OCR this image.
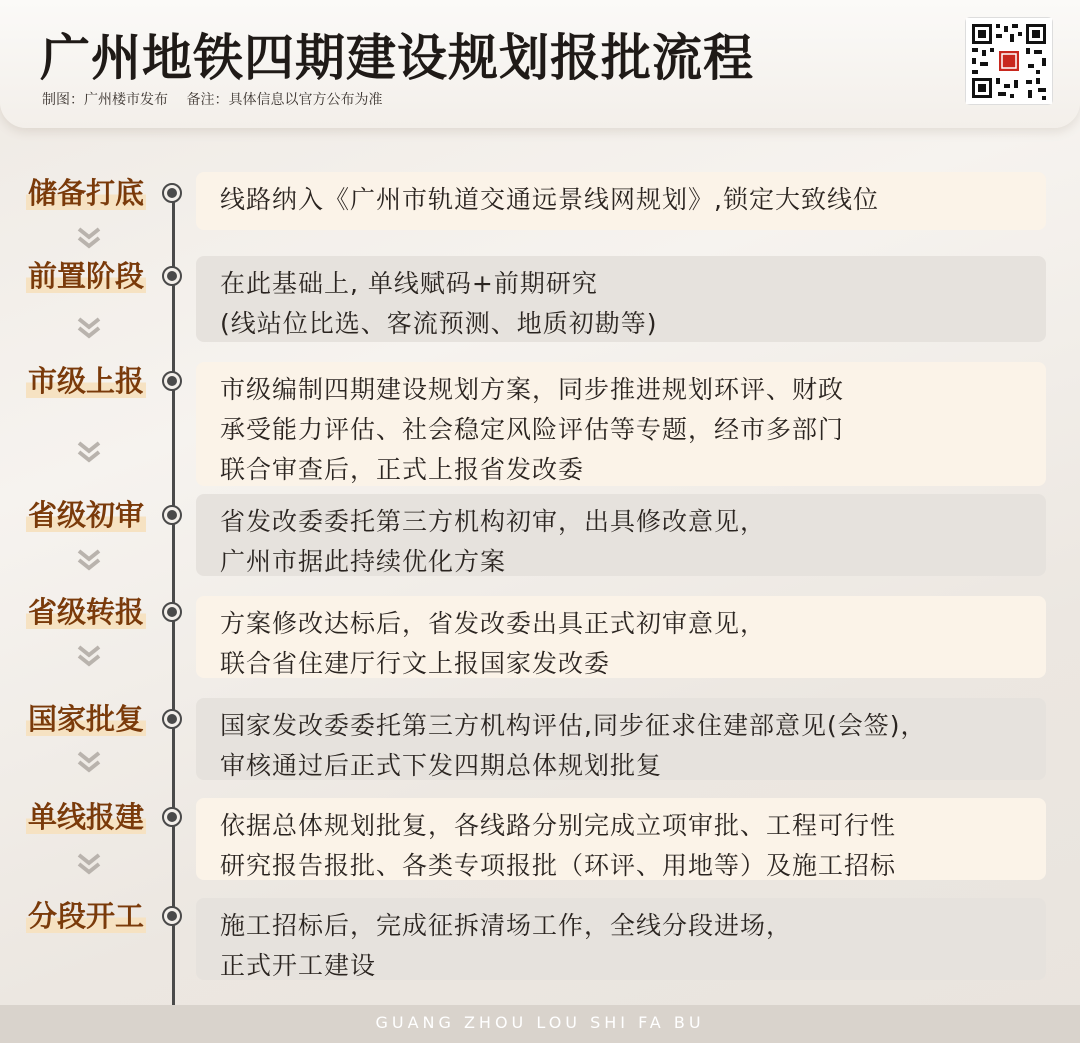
广州地铁四期建设规划报批流程
制图：广州楼市发布 备注：具体信息以官方公布为准
储备打底	线路纳入《广州市轨道交通远景线网规划》,锁定大致线位

前置阶段	在此基础上, 单线赋码+前期研究

(线站位比选、客流预测、地质初勘等)

市级上报	市级编制四期建设规划方案，同步推进规划环评、财政

承受能力评估、社会稳定风险评估等专题，经市多部门

联合审查后，正式上报省发改委

省级初审	省发改委委托第三方机构初审，出具修改意见，

广州市据此持续优化方案

省级转报	方案修改达标后，省发改委出具正式初审意见，

联合省住建厅行文上报国家发改委

国家批复	国家发改委委托第三方机构评估,同步征求住建部意见(会签)，

审核通过后正式下发四期总体规划批复

单线报建	依据总体规划批复，各线路分别完成立项审批、工程可行性

研究报告报批、各类专项报批（环评、用地等）及施工招标

分段开工	施工招标后，完成征拆清场工作，全线分段进场，

正式开工建设

GUANG ZHOU LOU SHI FA BU
